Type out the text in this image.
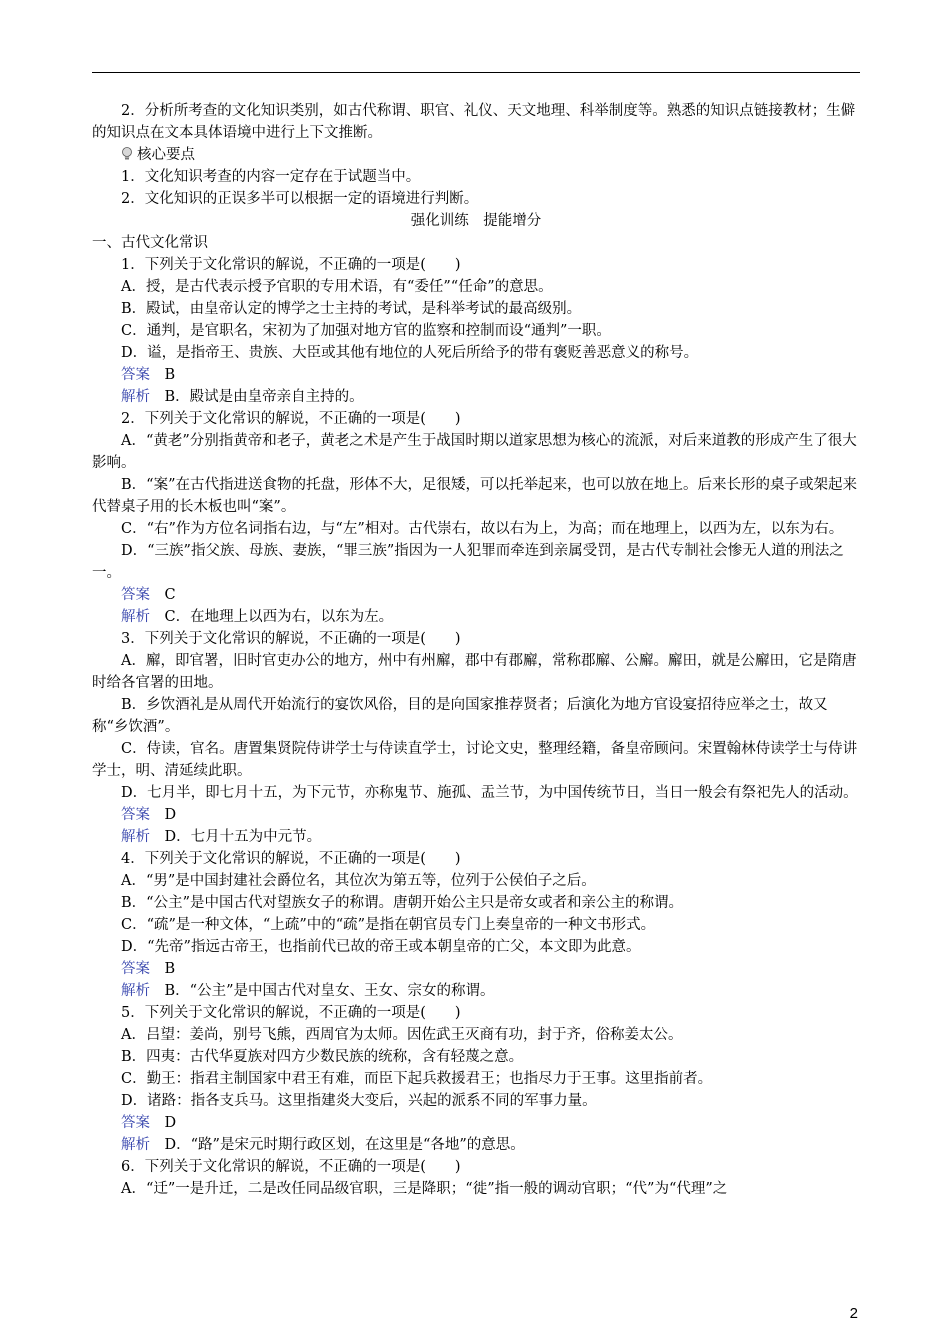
2．分析所考查的文化知识类别，如古代称谓、职官、礼仪、天文地理、科举制度等。熟悉的知识点链接教材；生僻的知识点在文本具体语境中进行上下文推断。

核心要点

1．文化知识考查的内容一定存在于试题当中。

2．文化知识的正误多半可以根据一定的语境进行判断。

强化训练　提能增分

一、古代文化常识

1．下列关于文化常识的解说，不正确的一项是(　　)

A．授，是古代表示授予官职的专用术语，有“委任”“任命”的意思。

B．殿试，由皇帝认定的博学之士主持的考试，是科举考试的最高级别。

C．通判，是官职名，宋初为了加强对地方官的监察和控制而设“通判”一职。

D．谥，是指帝王、贵族、大臣或其他有地位的人死后所给予的带有褒贬善恶意义的称号。

答案　 B

解析　 B．殿试是由皇帝亲自主持的。

2．下列关于文化常识的解说，不正确的一项是(　　)

A．“黄老”分别指黄帝和老子，黄老之术是产生于战国时期以道家思想为核心的流派，对后来道教的形成产生了很大影响。

B．“案”在古代指进送食物的托盘，形体不大，足很矮，可以托举起来，也可以放在地上。后来长形的桌子或架起来代替桌子用的长木板也叫“案”。

C．“右”作为方位名词指右边，与“左”相对。古代崇右，故以右为上，为高；而在地理上，以西为左，以东为右。

D．“三族”指父族、母族、妻族，“罪三族”指因为一人犯罪而牵连到亲属受罚，是古代专制社会惨无人道的刑法之一。

答案　 C

解析　 C．在地理上以西为右，以东为左。

3．下列关于文化常识的解说，不正确的一项是(　　)

A．廨，即官署，旧时官吏办公的地方，州中有州廨，郡中有郡廨，常称郡廨、公廨。廨田，就是公廨田，它是隋唐时给各官署的田地。

B．乡饮酒礼是从周代开始流行的宴饮风俗，目的是向国家推荐贤者；后演化为地方官设宴招待应举之士，故又称“乡饮酒”。

C．侍读，官名。唐置集贤院侍讲学士与侍读直学士，讨论文史，整理经籍，备皇帝顾问。宋置翰林侍读学士与侍讲学士，明、清延续此职。

D．七月半，即七月十五，为下元节，亦称鬼节、施孤、盂兰节，为中国传统节日，当日一般会有祭祀先人的活动。

答案　 D

解析　 D．七月十五为中元节。

4．下列关于文化常识的解说，不正确的一项是(　　)

A．“男”是中国封建社会爵位名，其位次为第五等，位列于公侯伯子之后。

B．“公主”是中国古代对望族女子的称谓。唐朝开始公主只是帝女或者和亲公主的称谓。

C．“疏”是一种文体，“上疏”中的“疏”是指在朝官员专门上奏皇帝的一种文书形式。

D．“先帝”指远古帝王，也指前代已故的帝王或本朝皇帝的亡父，本文即为此意。

答案　 B

解析　 B．“公主”是中国古代对皇女、王女、宗女的称谓。

5．下列关于文化常识的解说，不正确的一项是(　　)

A．吕望：姜尚，别号飞熊，西周官为太师。因佐武王灭商有功，封于齐，俗称姜太公。

B．四夷：古代华夏族对四方少数民族的统称，含有轻蔑之意。

C．勤王：指君主制国家中君王有难，而臣下起兵救援君王；也指尽力于王事。这里指前者。

D．诸路：指各支兵马。这里指建炎大变后，兴起的派系不同的军事力量。

答案　 D

解析　 D．“路”是宋元时期行政区划，在这里是“各地”的意思。

6．下列关于文化常识的解说，不正确的一项是(　　)

A．“迁”一是升迁，二是改任同品级官职，三是降职；“徙”指一般的调动官职；“代”为“代理”之

2
